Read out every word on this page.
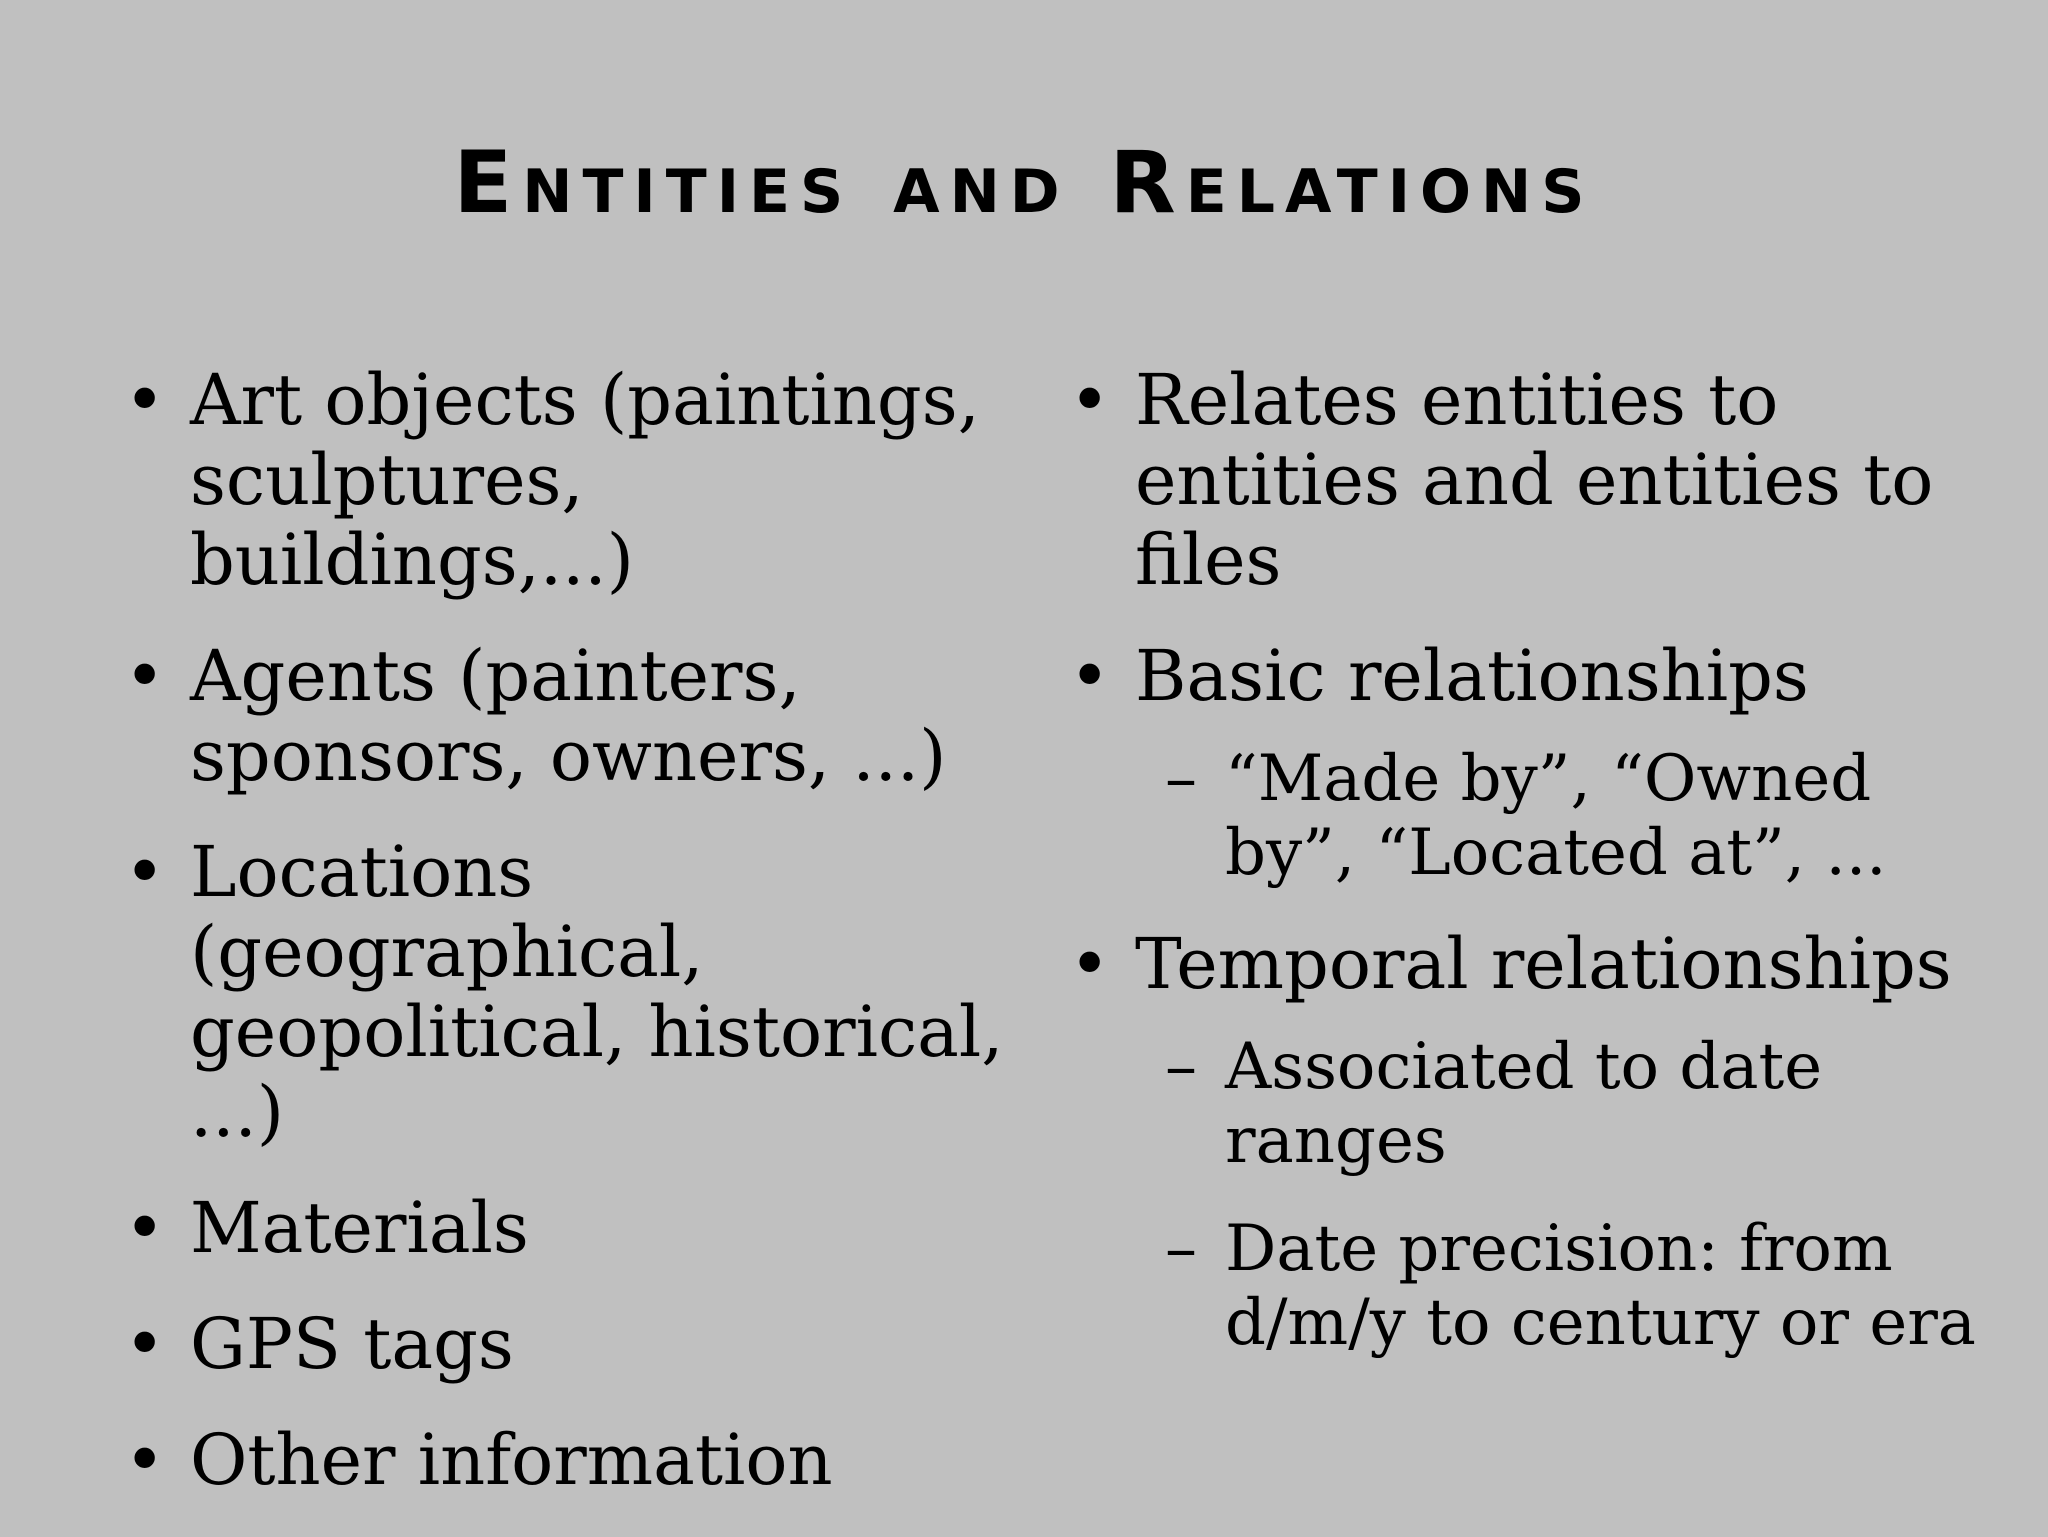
Entities and Relations
• Art objects (paintings, sculptures, buildings,...)
• Agents (painters, sponsors, owners, ...)
• Locations (geographical, geopolitical, historical, ...)
• Materials
• GPS tags
• Other information
• Relates entities to entities and entities to files
• Basic relationships
– “Made by”, “Owned by”, “Located at”, ...
• Temporal relationships
– Associated to date ranges
– Date precision: from d/m/y to century or era
